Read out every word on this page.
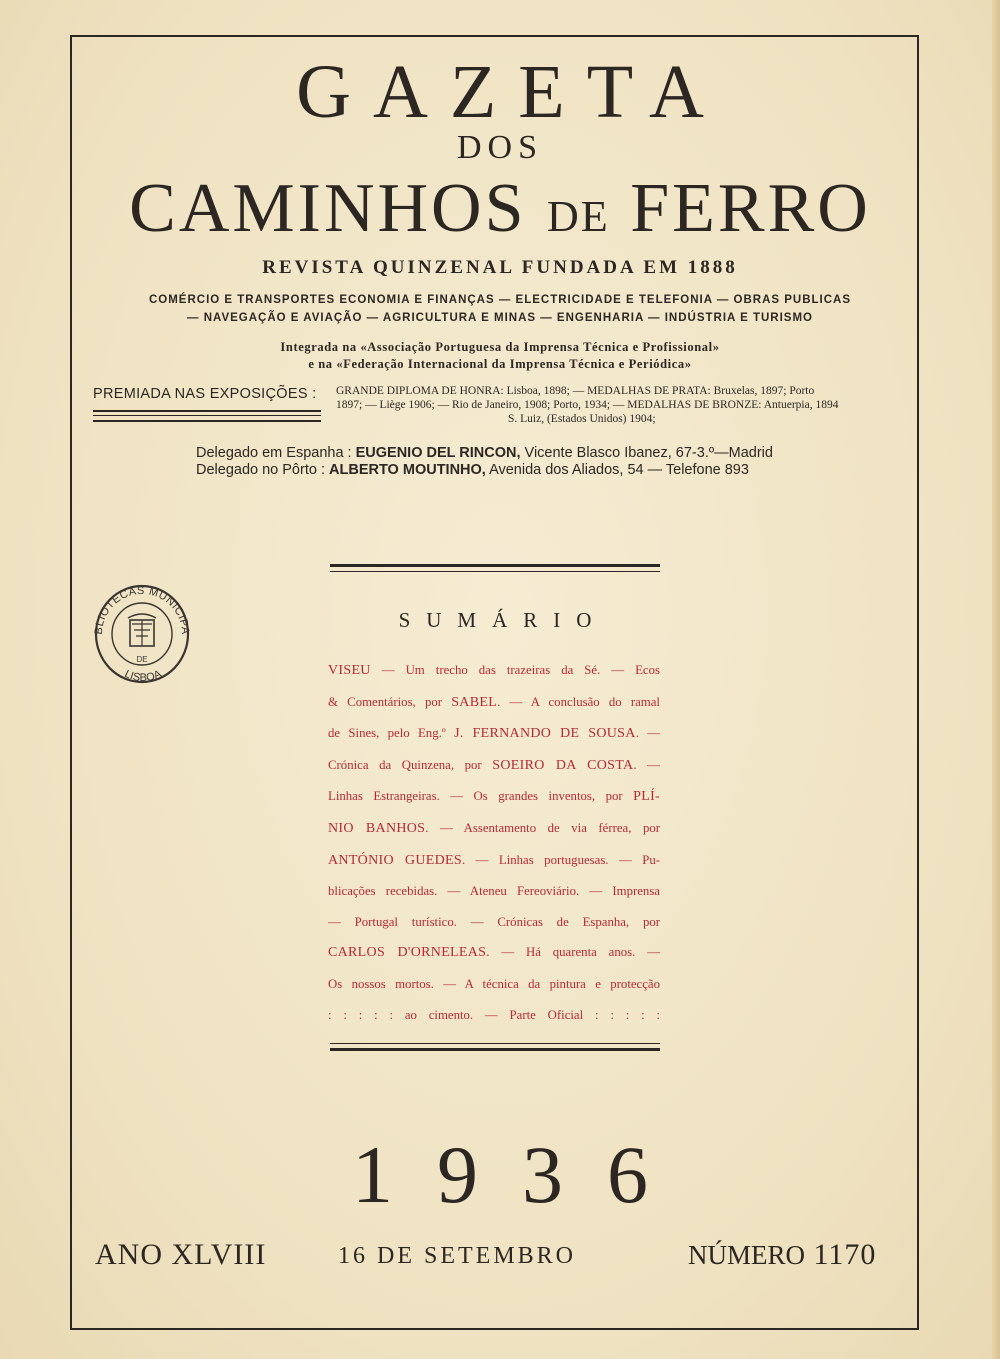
GAZETA
DOS
CAMINHOS DE FERRO
REVISTA QUINZENAL FUNDADA EM 1888
COMÉRCIO E TRANSPORTES ECONOMIA E FINANÇAS — ELECTRICIDADE E TELEFONIA — OBRAS PUBLICAS
— NAVEGAÇÃO E AVIAÇÃO — AGRICULTURA E MINAS — ENGENHARIA — INDÚSTRIA E TURISMO
Integrada na «Associação Portuguesa da Imprensa Técnica e Profissional»
e na «Federação Internacional da Imprensa Técnica e Periódica»
PREMIADA NAS EXPOSIÇÕES : GRANDE DIPLOMA DE HONRA: Lisboa, 1898; — MEDALHAS DE PRATA: Bruxelas, 1897; Porto
1897; — Liège 1906; — Rio de Janeiro, 1908; Porto, 1934; — MEDALHAS DE BRONZE: Antuerpia, 1894
S. Luiz, (Estados Unidos) 1904;
Delegado em Espanha : EUGENIO DEL RINCON, Vicente Blasco Ibanez, 67-3.º—Madrid
Delegado no Pôrto : ALBERTO MOUTINHO, Avenida dos Aliados, 54 — Telefone 893
BLIOTECAS MUNICIPA
DE
LISBOA
SUMÁRIO
VISEU — Um trecho das trazeiras da Sé. — Ecos
& Comentários, por SABEL. — A conclusão do ramal
de Sines, pelo Eng.º J. FERNANDO DE SOUSA. —
Crónica da Quinzena, por SOEIRO DA COSTA. —
Linhas Estrangeiras. — Os grandes inventos, por PLÍ-
NIO BANHOS. — Assentamento de via férrea, por
ANTÓNIO GUEDES. — Linhas portuguesas. — Pu-
blicações recebidas. — Ateneu Fereoviário. — Imprensa
— Portugal turístico. — Crónicas de Espanha, por
CARLOS D'ORNELEAS. — Há quarenta anos. —
Os nossos mortos. — A técnica da pintura e protecção
: : : : : ao cimento. — Parte Oficial : : : : :
1936
ANO XLVIII	16 DE SETEMBRO	NÚMERO 1170
